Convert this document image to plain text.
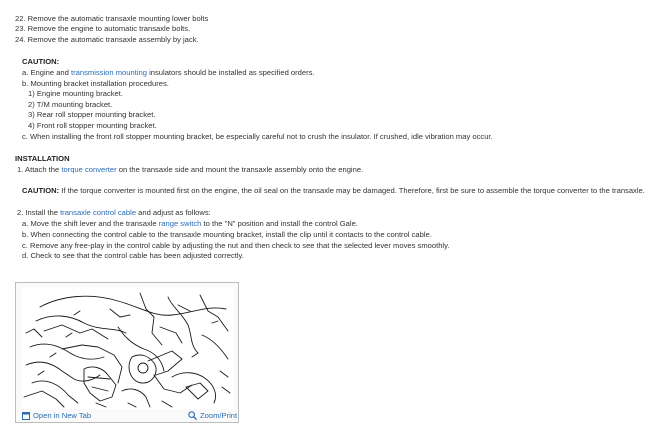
22. Remove the automatic transaxle mounting lower bolts
23. Remove the engine to automatic transaxle bolts.
24. Remove the automatic transaxle assembly by jack.
CAUTION:
a. Engine and transmission mounting insulators should be installed as specified orders.
b. Mounting bracket installation procedures.
1) Engine mounting bracket.
2) T/M mounting bracket.
3) Rear roll stopper mounting bracket.
4) Front roll stopper mounting bracket.
c. When installing the front roll stopper mounting bracket, be especially careful not to crush the insulator. If crushed, idle vibration may occur.
INSTALLATION
1. Attach the torque converter on the transaxle side and mount the transaxle assembly onto the engine.
CAUTION: If the torque converter is mounted first on the engine, the oil seal on the transaxle may be damaged. Therefore, first be sure to assemble the torque converter to the transaxle.
2. Install the transaxle control cable and adjust as follows:
a. Move the shift lever and the transaxle range switch to the "N" position and install the control Gale.
b. When connecting the control cable to the transaxle mounting bracket, install the clip until it contacts to the control cable.
c. Remove any free-play in the control cable by adjusting the nut and then check to see that the selected lever moves smoothly.
d. Check to see that the control cable has been adjusted correctly.
Open in New Tab	Zoom/Print
